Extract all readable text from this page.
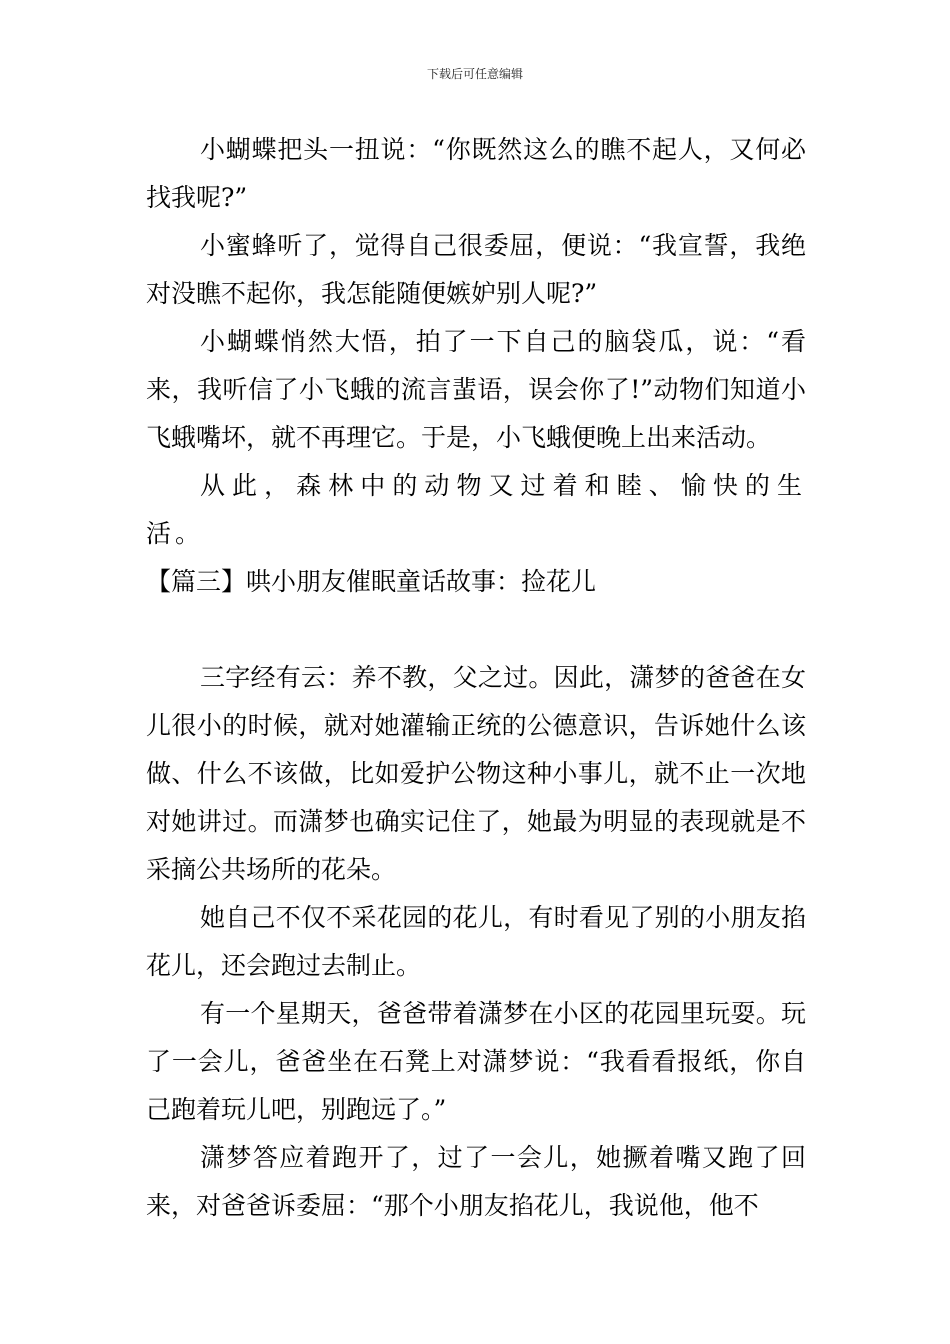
下载后可任意编辑

小蝴蝶把头一扭说：“你既然这么的瞧不起人，又何必找我呢?”

小蜜蜂听了，觉得自己很委屈，便说：“我宣誓，我绝对没瞧不起你，我怎能随便嫉妒别人呢?”

小蝴蝶悄然大悟，拍了一下自己的脑袋瓜，说：“看来，我听信了小飞蛾的流言蜚语，误会你了!”动物们知道小飞蛾嘴坏，就不再理它。于是，小飞蛾便晚上出来活动。

从此，森林中的动物又过着和睦、愉快的生活。

【篇三】哄小朋友催眠童话故事：捡花儿

三字经有云：养不教，父之过。因此，潇梦的爸爸在女儿很小的时候，就对她灌输正统的公德意识，告诉她什么该做、什么不该做，比如爱护公物这种小事儿，就不止一次地对她讲过。而潇梦也确实记住了，她最为明显的表现就是不采摘公共场所的花朵。

她自己不仅不采花园的花儿，有时看见了别的小朋友掐花儿，还会跑过去制止。

有一个星期天，爸爸带着潇梦在小区的花园里玩耍。玩了一会儿，爸爸坐在石凳上对潇梦说：“我看看报纸，你自己跑着玩儿吧，别跑远了。”

潇梦答应着跑开了，过了一会儿，她撅着嘴又跑了回来，对爸爸诉委屈：“那个小朋友掐花儿，我说他，他不
